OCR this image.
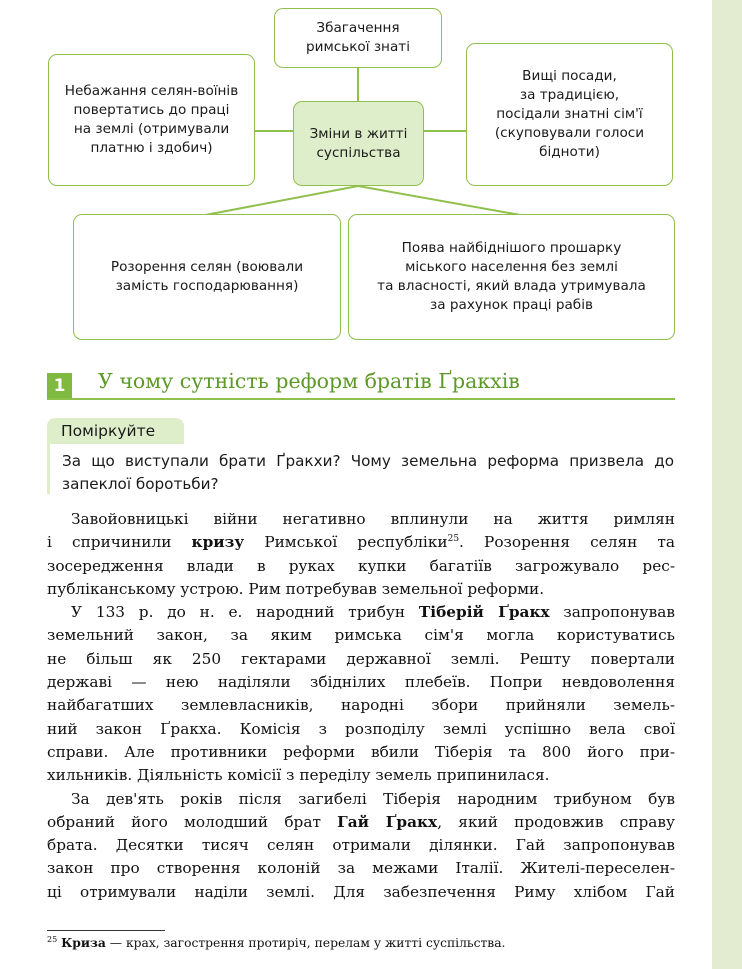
Збагачення
римської знаті
Небажання селян-воїнів
повертатись до праці
на землі (отримували
платню і здобич)
Зміни в житті
суспільства
Вищі посади,
за традицією,
посідали знатні сім'ї
(скуповували голоси
бідноти)
Розорення селян (воювали
замість господарювання)
Поява найбіднішого прошарку
міського населення без землі
та власності, який влада утримувала
за рахунок праці рабів
1	У чому сутність реформ братів Ґракхів
Поміркуйте
За що виступали брати Ґракхи? Чому земельна реформа призвела до запеклої боротьби?
Завойовницькі війни негативно вплинули на життя римлян
і спричинили кризу Римської республіки$^{25}$. Розорення селян та
зосередження влади в руках купки багатіїв загрожувало рес-
публіканському устрою. Рим потребував земельної реформи.
У 133 р. до н. е. народний трибун Тіберій Ґракх запропонував
земельний закон, за яким римська сім'я могла користуватись
не більш як 250 гектарами державної землі. Решту повертали
державі — нею наділяли збіднілих плебеїв. Попри невдоволення
найбагатших землевласників, народні збори прийняли земель-
ний закон Ґракха. Комісія з розподілу землі успішно вела свої
справи. Але противники реформи вбили Тіберія та 800 його при-
хильників. Діяльність комісії з переділу земель припинилася.
За дев'ять років після загибелі Тіберія народним трибуном був
обраний його молодший брат Гай Ґракх, який продовжив справу
брата. Десятки тисяч селян отримали ділянки. Гай запропонував
закон про створення колоній за межами Італії. Жителі-переселен-
ці отримували наділи землі. Для забезпечення Риму хлібом Гай
$^{25}$ Криза — крах, загострення протиріч, перелам у житті суспільства.
